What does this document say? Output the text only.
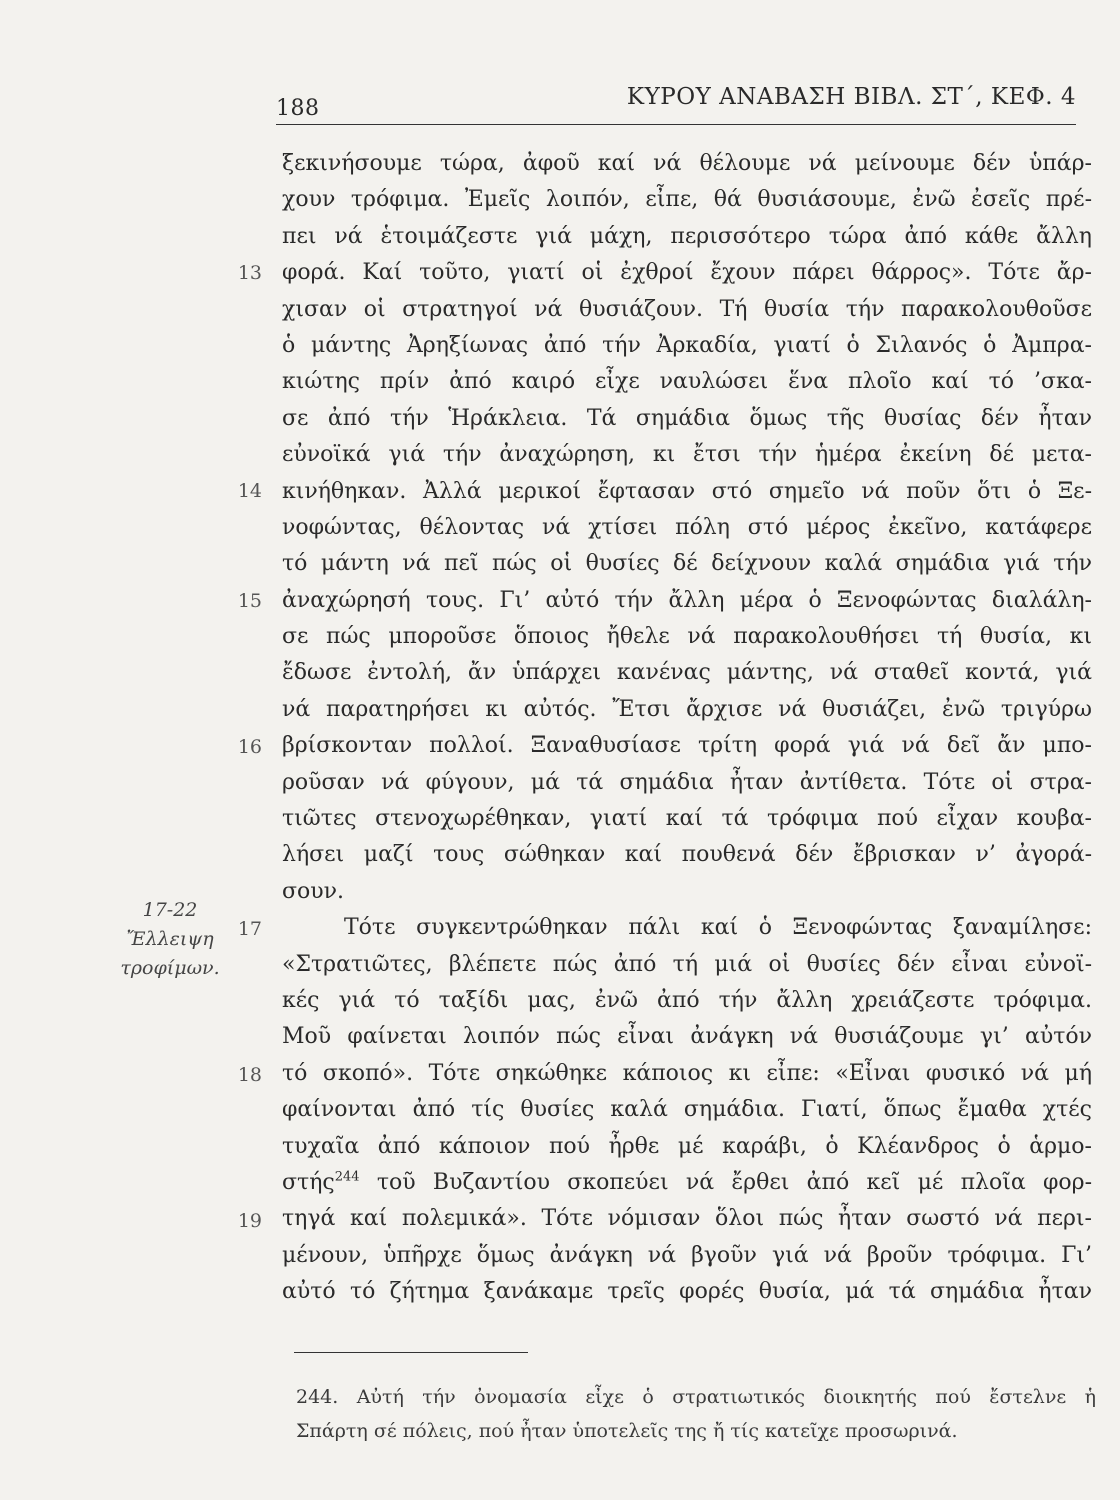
188	ΚΥΡΟΥ ΑΝΑΒΑΣΗ ΒΙΒΛ. ΣΤ΄, ΚΕΦ. 4
17-22
Ἔλλειψη
τροφίμων.
13
14
15
16
17
18
19
ξεκινήσουμε τώρα, ἀφοῦ καί νά θέλουμε νά μείνουμε δέν ὑπάρ-
χουν τρόφιμα. Ἐμεῖς λοιπόν, εἶπε, θά θυσιάσουμε, ἐνῶ ἐσεῖς πρέ-
πει νά ἑτοιμάζεστε γιά μάχη, περισσότερο τώρα ἀπό κάθε ἄλλη
φορά. Καί τοῦτο, γιατί οἱ ἐχθροί ἔχουν πάρει θάρρος». Τότε ἄρ-
χισαν οἱ στρατηγοί νά θυσιάζουν. Τή θυσία τήν παρακολουθοῦσε
ὁ μάντης Ἀρηξίωνας ἀπό τήν Ἀρκαδία, γιατί ὁ Σιλανός ὁ Ἀμπρα-
κιώτης πρίν ἀπό καιρό εἶχε ναυλώσει ἕνα πλοῖο καί τό ’σκα-
σε ἀπό τήν Ἡράκλεια. Τά σημάδια ὅμως τῆς θυσίας δέν ἦταν
εὐνοϊκά γιά τήν ἀναχώρηση, κι ἔτσι τήν ἡμέρα ἐκείνη δέ μετα-
κινήθηκαν. Ἀλλά μερικοί ἔφτασαν στό σημεῖο νά ποῦν ὅτι ὁ Ξε-
νοφώντας, θέλοντας νά χτίσει πόλη στό μέρος ἐκεῖνο, κατάφερε
τό μάντη νά πεῖ πώς οἱ θυσίες δέ δείχνουν καλά σημάδια γιά τήν
ἀναχώρησή τους. Γι’ αὐτό τήν ἄλλη μέρα ὁ Ξενοφώντας διαλάλη-
σε πώς μποροῦσε ὅποιος ἤθελε νά παρακολουθήσει τή θυσία, κι
ἔδωσε ἐντολή, ἄν ὑπάρχει κανένας μάντης, νά σταθεῖ κοντά, γιά
νά παρατηρήσει κι αὐτός. Ἔτσι ἄρχισε νά θυσιάζει, ἐνῶ τριγύρω
βρίσκονταν πολλοί. Ξαναθυσίασε τρίτη φορά γιά νά δεῖ ἄν μπο-
ροῦσαν νά φύγουν, μά τά σημάδια ἦταν ἀντίθετα. Τότε οἱ στρα-
τιῶτες στενοχωρέθηκαν, γιατί καί τά τρόφιμα πού εἶχαν κουβα-
λήσει μαζί τους σώθηκαν καί πουθενά δέν ἔβρισκαν ν’ ἀγορά-
σουν.
Τότε συγκεντρώθηκαν πάλι καί ὁ Ξενοφώντας ξαναμίλησε:
«Στρατιῶτες, βλέπετε πώς ἀπό τή μιά οἱ θυσίες δέν εἶναι εὐνοϊ-
κές γιά τό ταξίδι μας, ἐνῶ ἀπό τήν ἄλλη χρειάζεστε τρόφιμα.
Μοῦ φαίνεται λοιπόν πώς εἶναι ἀνάγκη νά θυσιάζουμε γι’ αὐτόν
τό σκοπό». Τότε σηκώθηκε κάποιος κι εἶπε: «Εἶναι φυσικό νά μή
φαίνονται ἀπό τίς θυσίες καλά σημάδια. Γιατί, ὅπως ἔμαθα χτές
τυχαῖα ἀπό κάποιον πού ἦρθε μέ καράβι, ὁ Κλέανδρος ὁ ἁρμο-
στής$^{244}$ τοῦ Βυζαντίου σκοπεύει νά ἔρθει ἀπό κεῖ μέ πλοῖα φορ-
τηγά καί πολεμικά». Τότε νόμισαν ὅλοι πώς ἦταν σωστό νά περι-
μένουν, ὑπῆρχε ὅμως ἀνάγκη νά βγοῦν γιά νά βροῦν τρόφιμα. Γι’
αὐτό τό ζήτημα ξανάκαμε τρεῖς φορές θυσία, μά τά σημάδια ἦταν
244. Αὐτή τήν ὀνομασία εἶχε ὁ στρατιωτικός διοικητής πού ἔστελνε ἡ
Σπάρτη σέ πόλεις, πού ἦταν ὑποτελεῖς της ἤ τίς κατεῖχε προσωρινά.
